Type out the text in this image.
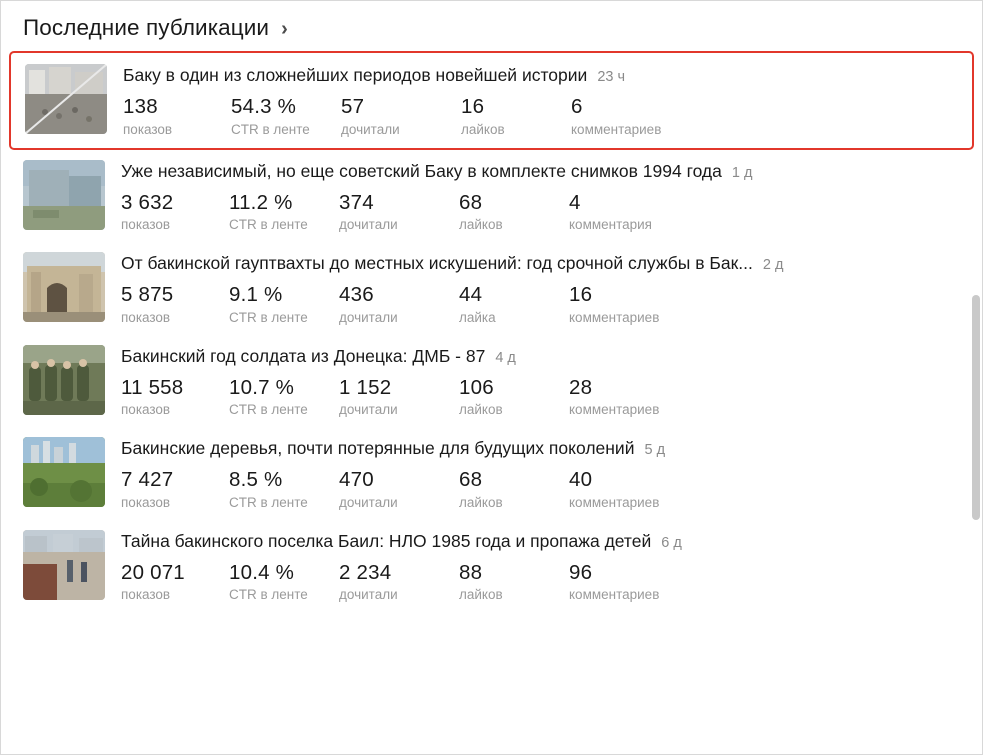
Последние публикации ›
Баку в один из сложнейших периодов новейшей истории 23 ч
138
показов
54.3 %
CTR в ленте
57
дочитали
16
лайков
6
комментариев
Уже независимый, но еще советский Баку в комплекте снимков 1994 года 1 д
3 632
показов
11.2 %
CTR в ленте
374
дочитали
68
лайков
4
комментария
От бакинской гауптвахты до местных искушений: год срочной службы в Бак... 2 д
5 875
показов
9.1 %
CTR в ленте
436
дочитали
44
лайка
16
комментариев
Бакинский год солдата из Донецка: ДМБ - 87 4 д
11 558
показов
10.7 %
CTR в ленте
1 152
дочитали
106
лайков
28
комментариев
Бакинские деревья, почти потерянные для будущих поколений 5 д
7 427
показов
8.5 %
CTR в ленте
470
дочитали
68
лайков
40
комментариев
Тайна бакинского поселка Баил: НЛО 1985 года и пропажа детей 6 д
20 071
показов
10.4 %
CTR в ленте
2 234
дочитали
88
лайков
96
комментариев
